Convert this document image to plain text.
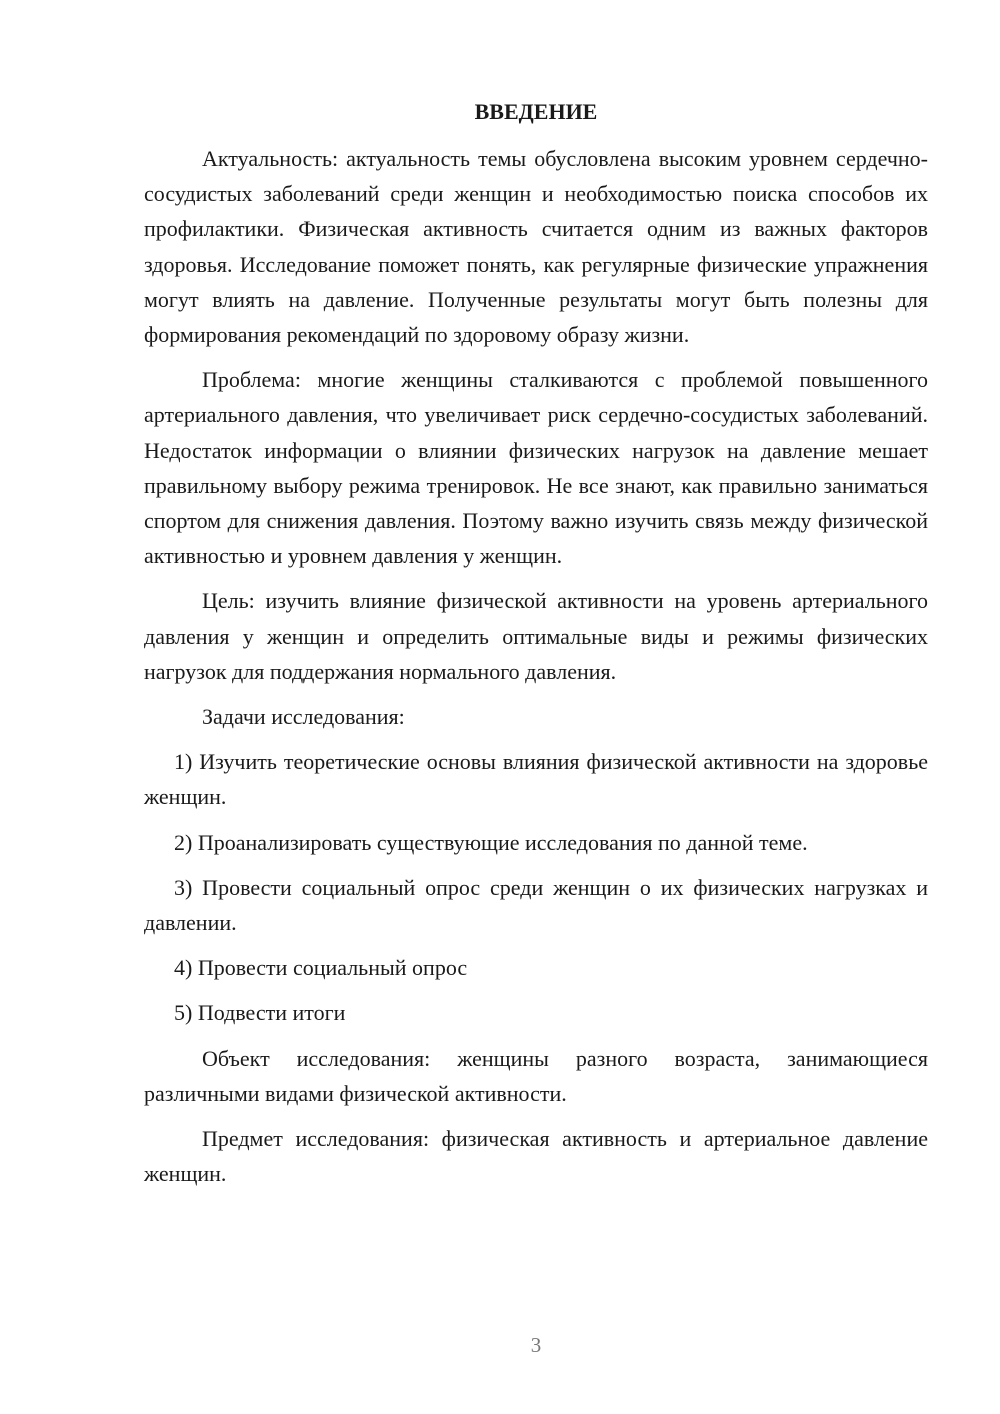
ВВЕДЕНИЕ

Актуальность: актуальность темы обусловлена высоким уровнем сердечно-сосудистых заболеваний среди женщин и необходимостью поиска способов их профилактики. Физическая активность считается одним из важных факторов здоровья. Исследование поможет понять, как регулярные физические упражнения могут влиять на давление. Полученные результаты могут быть полезны для формирования рекомендаций по здоровому образу жизни.

Проблема: многие женщины сталкиваются с проблемой повышенного артериального давления, что увеличивает риск сердечно-сосудистых заболеваний. Недостаток информации о влиянии физических нагрузок на давление мешает правильному выбору режима тренировок. Не все знают, как правильно заниматься спортом для снижения давления. Поэтому важно изучить связь между физической активностью и уровнем давления у женщин.

Цель: изучить влияние физической активности на уровень артериального давления у женщин и определить оптимальные виды и режимы физических нагрузок для поддержания нормального давления.

Задачи исследования:

1) Изучить теоретические основы влияния физической активности на здоровье женщин.

2) Проанализировать существующие исследования по данной теме.

3) Провести социальный опрос среди женщин о их физических нагрузках и давлении.

4) Провести социальный опрос

5) Подвести итоги

Объект исследования: женщины разного возраста, занимающиеся различными видами физической активности.

Предмет исследования: физическая активность и артериальное давление женщин.

3
